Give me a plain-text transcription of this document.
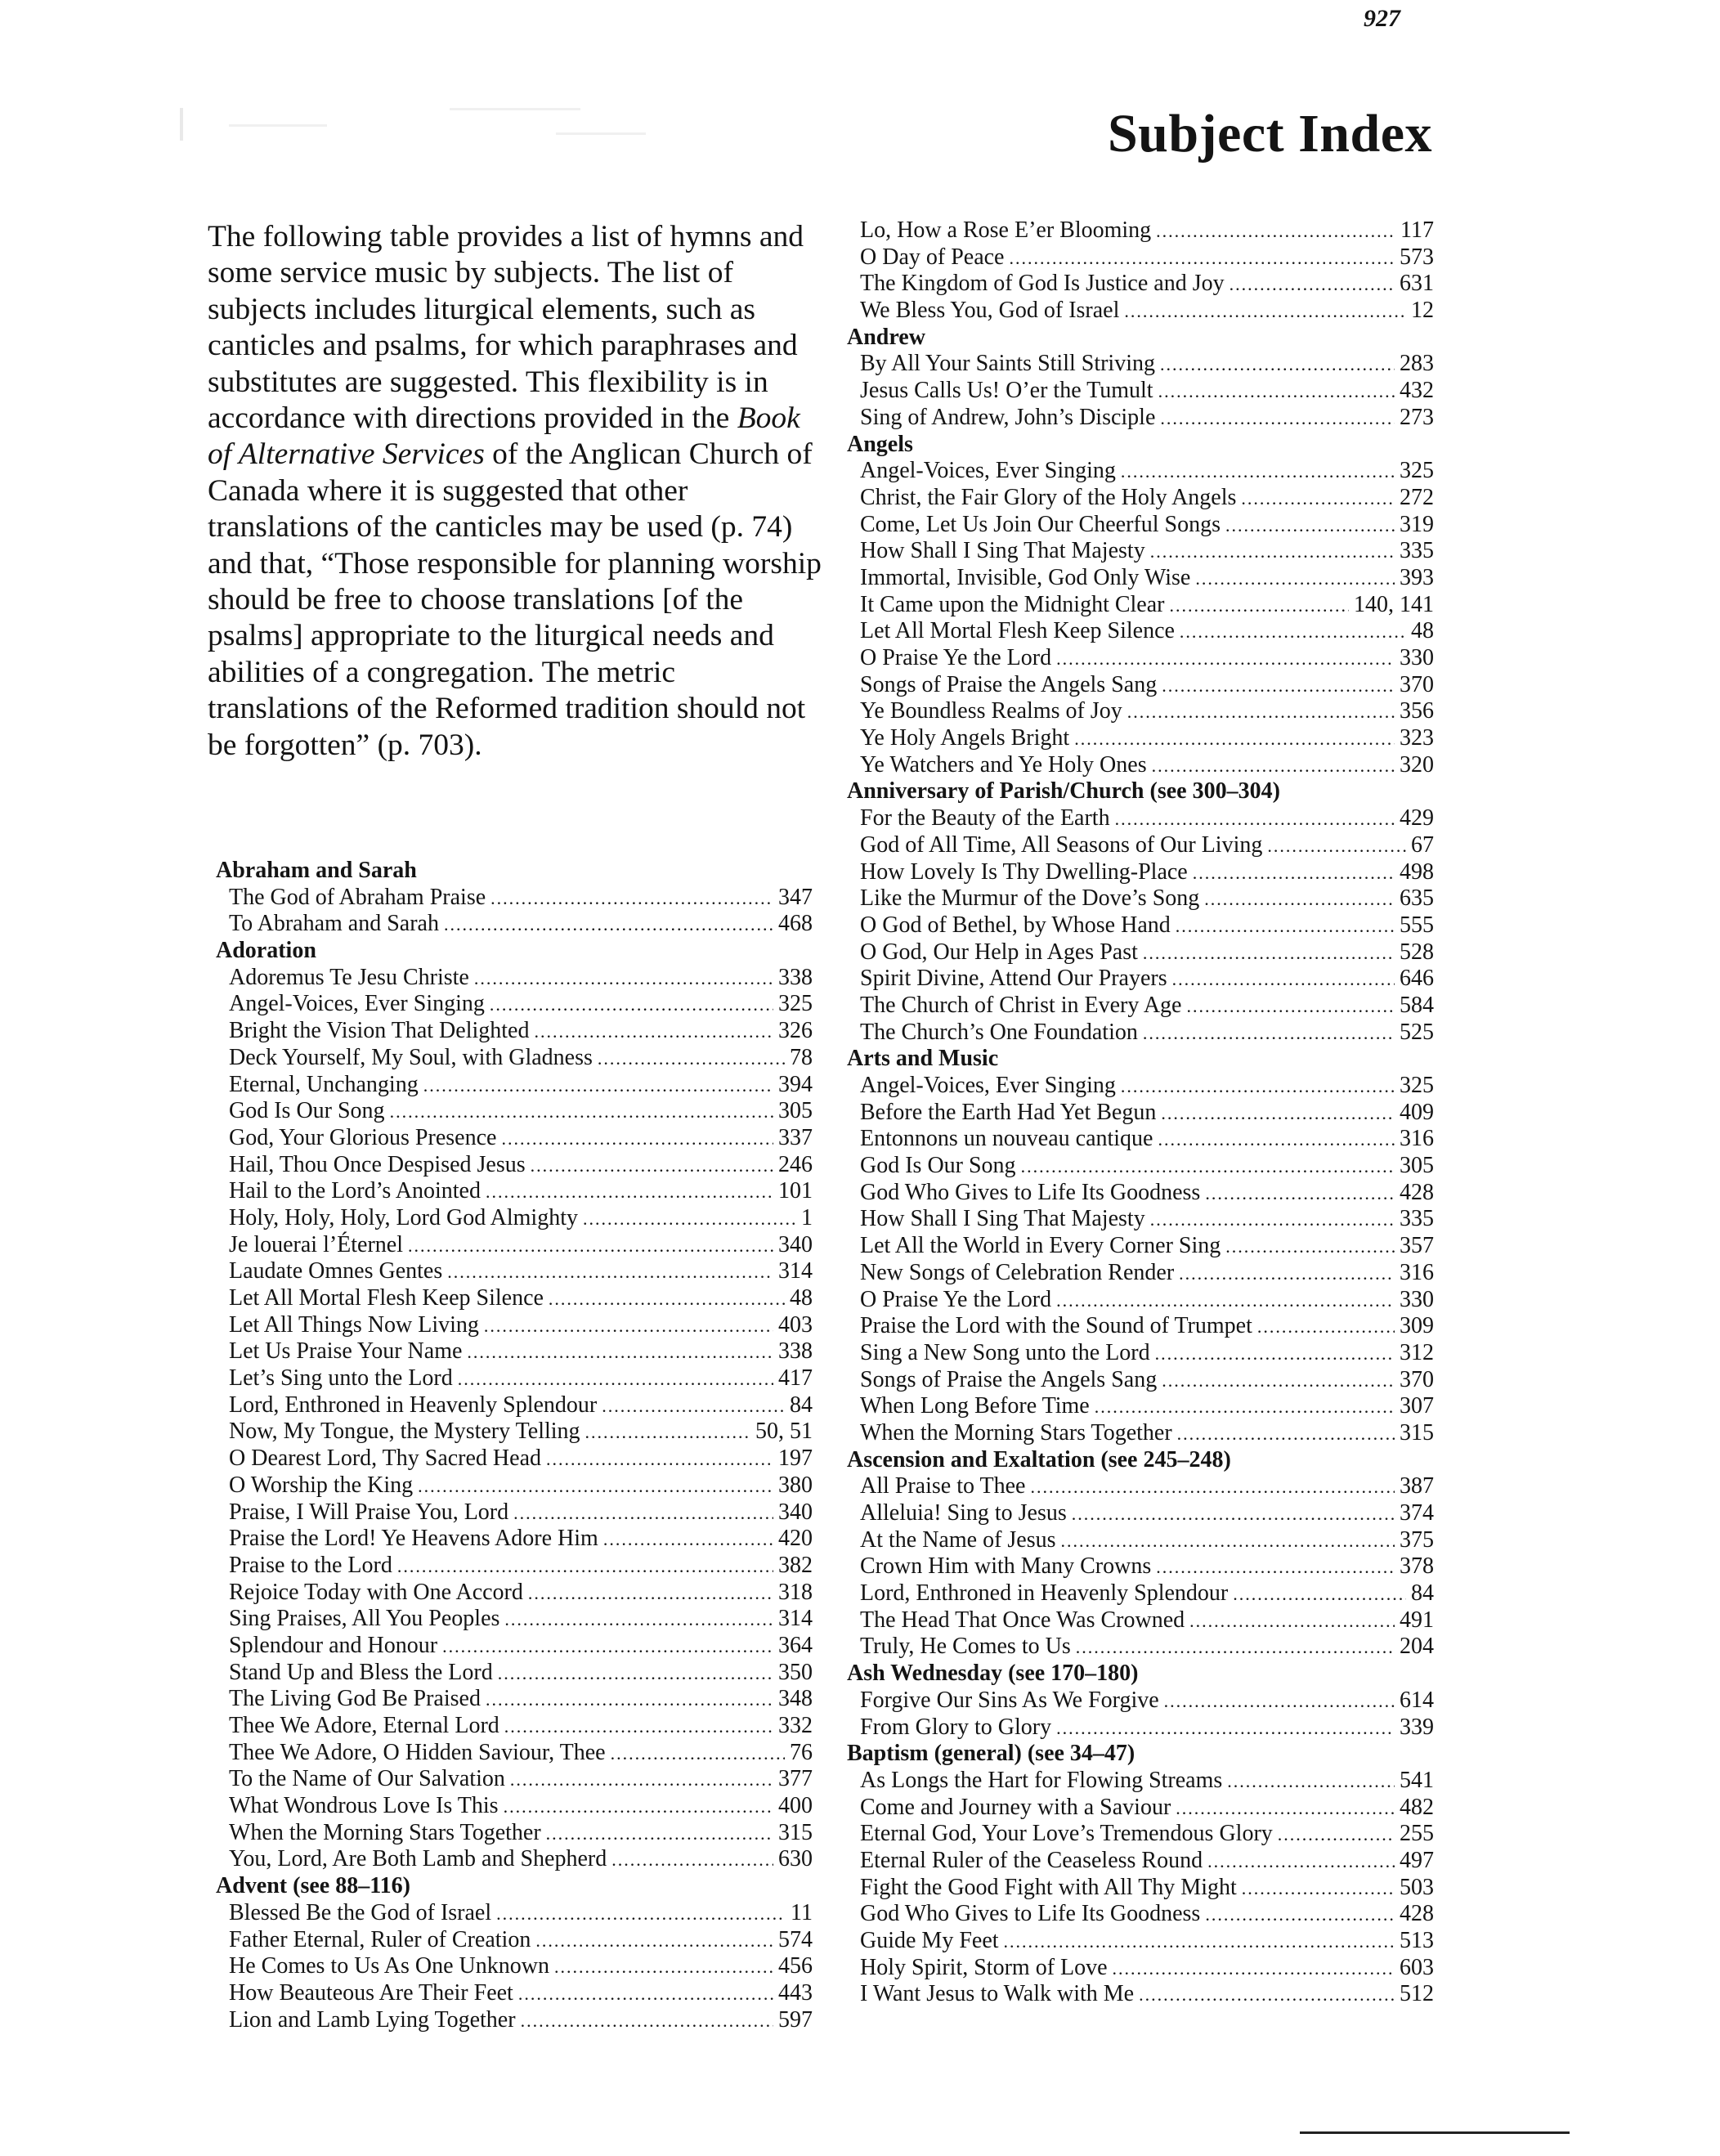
927
Subject Index
The following table provides a list of hymns and some service music by subjects. The list of subjects includes liturgical elements, such as canticles and psalms, for which paraphrases and substitutes are suggested. This flexibility is in accordance with directions provided in the Book of Alternative Services of the Anglican Church of Canada where it is suggested that other translations of the canticles may be used (p. 74) and that, “Those responsible for planning worship should be free to choose translations [of the psalms] appropriate to the liturgical needs and abilities of a congregation. The metric translations of the Reformed tradition should not be forgotten” (p. 703).
Abraham and Sarah
The God of Abraham Praise .....	347
To Abraham and Sarah .....	468
Adoration
Adoremus Te Jesu Christe .....	338
Angel-Voices, Ever Singing .....	325
Bright the Vision That Delighted .....	326
Deck Yourself, My Soul, with Gladness .....	78
Eternal, Unchanging .....	394
God Is Our Song .....	305
God, Your Glorious Presence .....	337
Hail, Thou Once Despised Jesus .....	246
Hail to the Lord’s Anointed .....	101
Holy, Holy, Holy, Lord God Almighty .....	1
Je louerai l’Éternel .....	340
Laudate Omnes Gentes .....	314
Let All Mortal Flesh Keep Silence .....	48
Let All Things Now Living .....	403
Let Us Praise Your Name .....	338
Let’s Sing unto the Lord .....	417
Lord, Enthroned in Heavenly Splendour .....	84
Now, My Tongue, the Mystery Telling .....	50, 51
O Dearest Lord, Thy Sacred Head .....	197
O Worship the King .....	380
Praise, I Will Praise You, Lord .....	340
Praise the Lord! Ye Heavens Adore Him .....	420
Praise to the Lord .....	382
Rejoice Today with One Accord .....	318
Sing Praises, All You Peoples .....	314
Splendour and Honour .....	364
Stand Up and Bless the Lord .....	350
The Living God Be Praised .....	348
Thee We Adore, Eternal Lord .....	332
Thee We Adore, O Hidden Saviour, Thee .....	76
To the Name of Our Salvation .....	377
What Wondrous Love Is This .....	400
When the Morning Stars Together .....	315
You, Lord, Are Both Lamb and Shepherd .....	630
Advent (see 88–116)
Blessed Be the God of Israel .....	11
Father Eternal, Ruler of Creation .....	574
He Comes to Us As One Unknown .....	456
How Beauteous Are Their Feet .....	443
Lion and Lamb Lying Together .....	597
Lo, How a Rose E’er Blooming .....	117
O Day of Peace .....	573
The Kingdom of God Is Justice and Joy .....	631
We Bless You, God of Israel .....	12
Andrew
By All Your Saints Still Striving .....	283
Jesus Calls Us! O’er the Tumult .....	432
Sing of Andrew, John’s Disciple .....	273
Angels
Angel-Voices, Ever Singing .....	325
Christ, the Fair Glory of the Holy Angels .....	272
Come, Let Us Join Our Cheerful Songs .....	319
How Shall I Sing That Majesty .....	335
Immortal, Invisible, God Only Wise .....	393
It Came upon the Midnight Clear .....	140, 141
Let All Mortal Flesh Keep Silence .....	48
O Praise Ye the Lord .....	330
Songs of Praise the Angels Sang .....	370
Ye Boundless Realms of Joy .....	356
Ye Holy Angels Bright .....	323
Ye Watchers and Ye Holy Ones .....	320
Anniversary of Parish/Church (see 300–304)
For the Beauty of the Earth .....	429
God of All Time, All Seasons of Our Living .....	67
How Lovely Is Thy Dwelling-Place .....	498
Like the Murmur of the Dove’s Song .....	635
O God of Bethel, by Whose Hand .....	555
O God, Our Help in Ages Past .....	528
Spirit Divine, Attend Our Prayers .....	646
The Church of Christ in Every Age .....	584
The Church’s One Foundation .....	525
Arts and Music
Angel-Voices, Ever Singing .....	325
Before the Earth Had Yet Begun .....	409
Entonnons un nouveau cantique .....	316
God Is Our Song .....	305
God Who Gives to Life Its Goodness .....	428
How Shall I Sing That Majesty .....	335
Let All the World in Every Corner Sing .....	357
New Songs of Celebration Render .....	316
O Praise Ye the Lord .....	330
Praise the Lord with the Sound of Trumpet .....	309
Sing a New Song unto the Lord .....	312
Songs of Praise the Angels Sang .....	370
When Long Before Time .....	307
When the Morning Stars Together .....	315
Ascension and Exaltation (see 245–248)
All Praise to Thee .....	387
Alleluia! Sing to Jesus .....	374
At the Name of Jesus .....	375
Crown Him with Many Crowns .....	378
Lord, Enthroned in Heavenly Splendour .....	84
The Head That Once Was Crowned .....	491
Truly, He Comes to Us .....	204
Ash Wednesday (see 170–180)
Forgive Our Sins As We Forgive .....	614
From Glory to Glory .....	339
Baptism (general) (see 34–47)
As Longs the Hart for Flowing Streams .....	541
Come and Journey with a Saviour .....	482
Eternal God, Your Love’s Tremendous Glory .....	255
Eternal Ruler of the Ceaseless Round .....	497
Fight the Good Fight with All Thy Might .....	503
God Who Gives to Life Its Goodness .....	428
Guide My Feet .....	513
Holy Spirit, Storm of Love .....	603
I Want Jesus to Walk with Me .....	512
